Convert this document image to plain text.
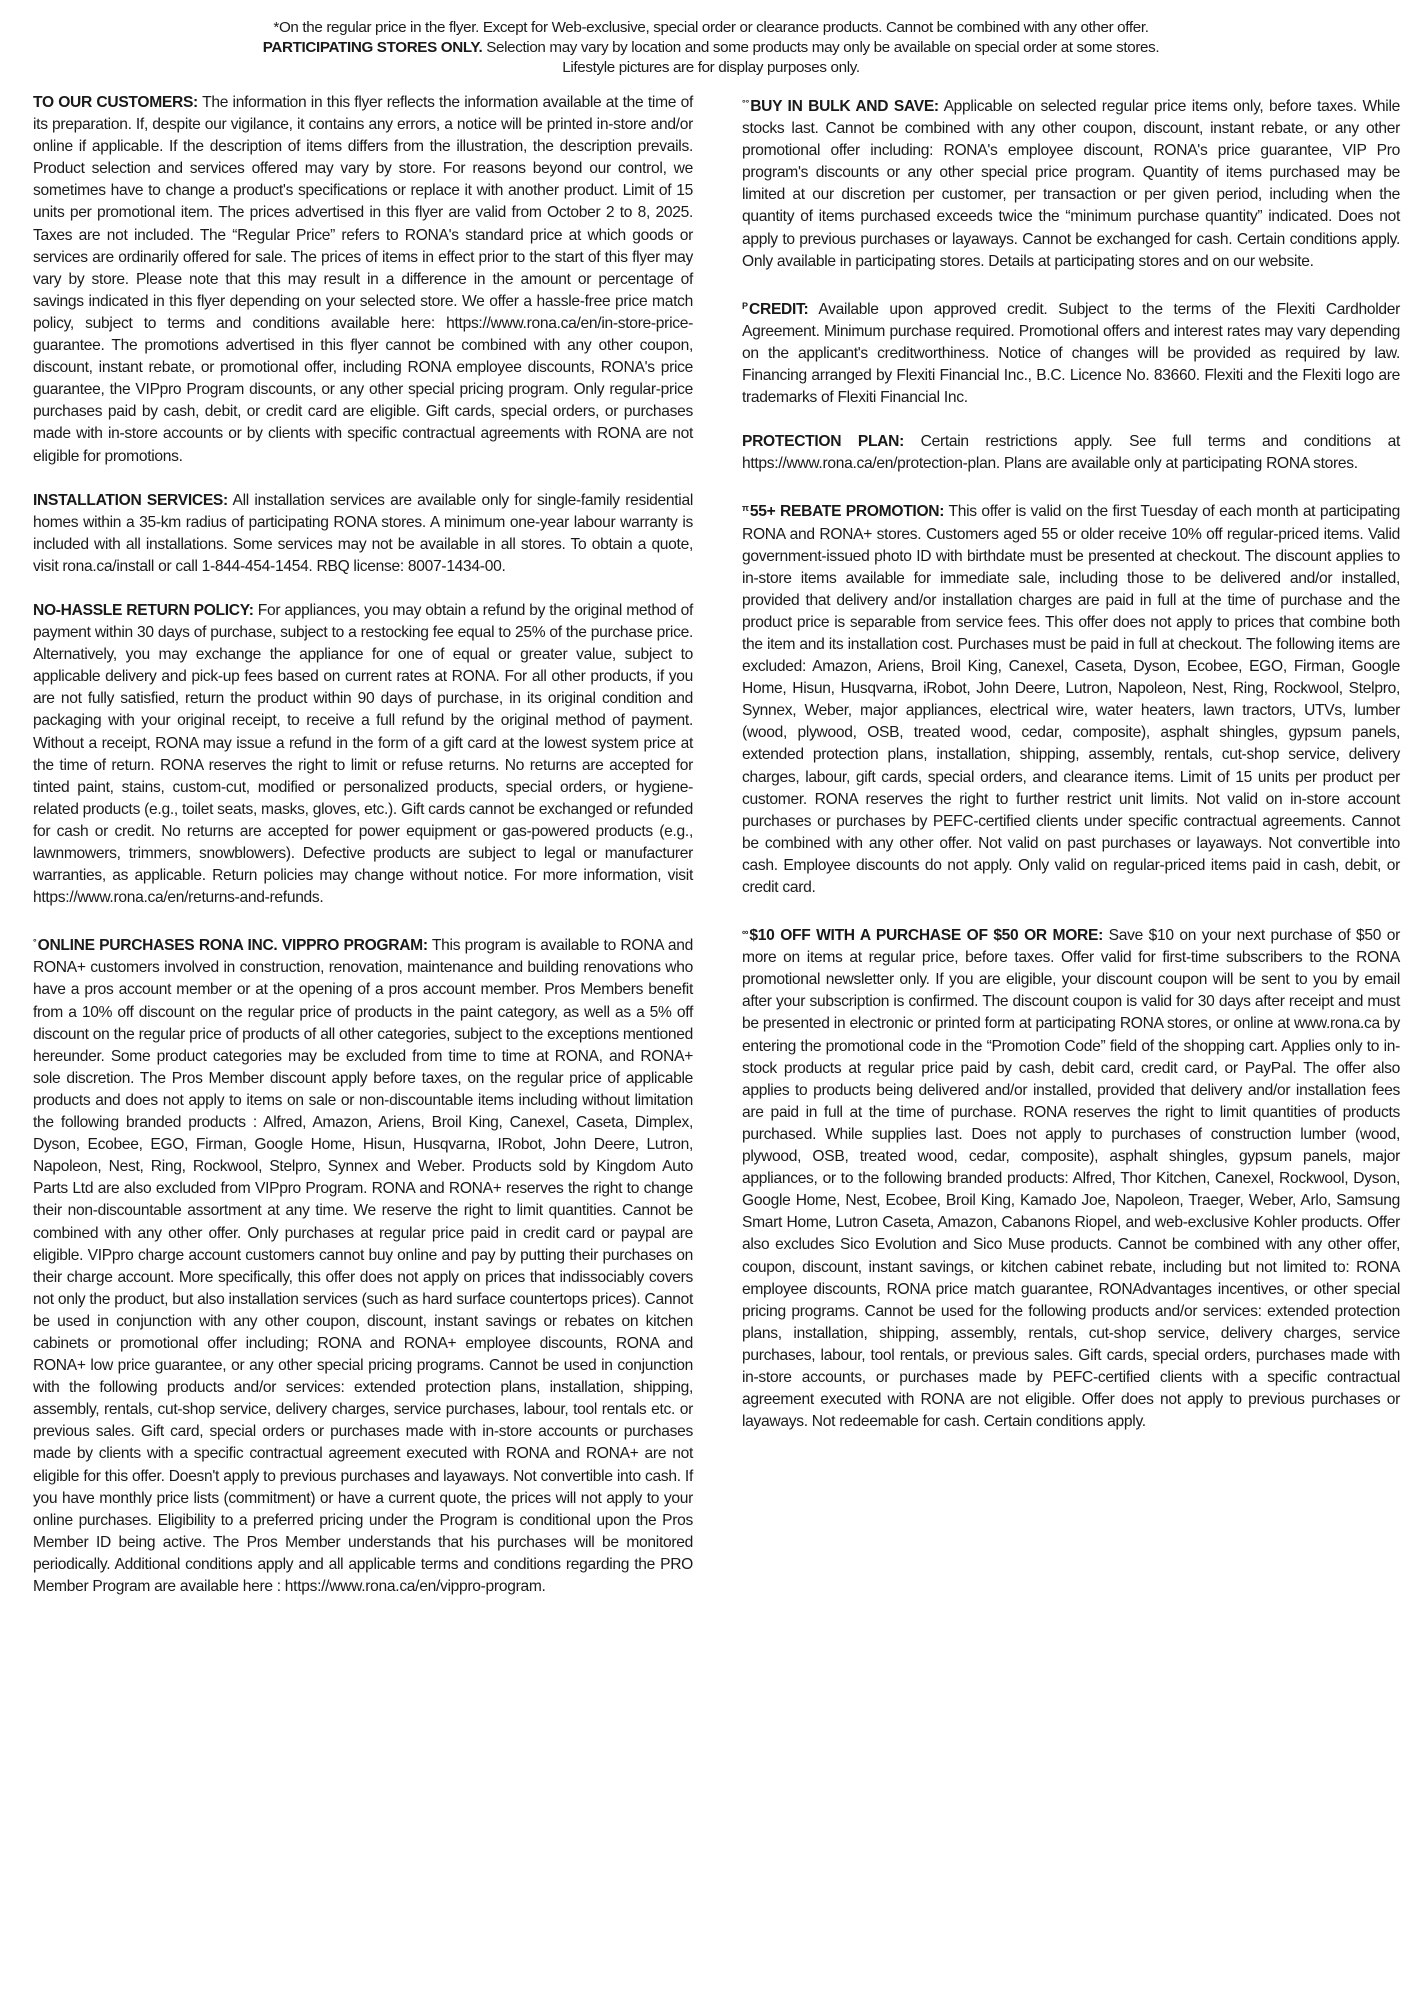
*On the regular price in the flyer. Except for Web-exclusive, special order or clearance products. Cannot be combined with any other offer.
PARTICIPATING STORES ONLY. Selection may vary by location and some products may only be available on special order at some stores.
Lifestyle pictures are for display purposes only.

TO OUR CUSTOMERS: The information in this flyer reflects the information available at the time of its preparation. If, despite our vigilance, it contains any errors, a notice will be printed in-store and/or online if applicable. If the description of items differs from the illustration, the description prevails. Product selection and services offered may vary by store. For reasons beyond our control, we sometimes have to change a product's specifications or replace it with another product. Limit of 15 units per promotional item. The prices advertised in this flyer are valid from October 2 to 8, 2025. Taxes are not included. The “Regular Price” refers to RONA's standard price at which goods or services are ordinarily offered for sale. The prices of items in effect prior to the start of this flyer may vary by store. Please note that this may result in a difference in the amount or percentage of savings indicated in this flyer depending on your selected store. We offer a hassle-free price match policy, subject to terms and conditions available here: https://www.rona.ca/en/in-store-price-guarantee. The promotions advertised in this flyer cannot be combined with any other coupon, discount, instant rebate, or promotional offer, including RONA employee discounts, RONA's price guarantee, the VIPpro Program discounts, or any other special pricing program. Only regular-price purchases paid by cash, debit, or credit card are eligible. Gift cards, special orders, or purchases made with in-store accounts or by clients with specific contractual agreements with RONA are not eligible for promotions.

INSTALLATION SERVICES: All installation services are available only for single-family residential homes within a 35-km radius of participating RONA stores. A minimum one-year labour warranty is included with all installations. Some services may not be available in all stores. To obtain a quote, visit rona.ca/install or call 1-844-454-1454. RBQ license: 8007-1434-00.

NO-HASSLE RETURN POLICY: For appliances, you may obtain a refund by the original method of payment within 30 days of purchase, subject to a restocking fee equal to 25% of the purchase price. Alternatively, you may exchange the appliance for one of equal or greater value, subject to applicable delivery and pick-up fees based on current rates at RONA. For all other products, if you are not fully satisfied, return the product within 90 days of purchase, in its original condition and packaging with your original receipt, to receive a full refund by the original method of payment. Without a receipt, RONA may issue a refund in the form of a gift card at the lowest system price at the time of return. RONA reserves the right to limit or refuse returns. No returns are accepted for tinted paint, stains, custom-cut, modified or personalized products, special orders, or hygiene-related products (e.g., toilet seats, masks, gloves, etc.). Gift cards cannot be exchanged or refunded for cash or credit. No returns are accepted for power equipment or gas-powered products (e.g., lawnmowers, trimmers, snowblowers). Defective products are subject to legal or manufacturer warranties, as applicable. Return policies may change without notice. For more information, visit https://www.rona.ca/en/returns-and-refunds.

°ONLINE PURCHASES RONA INC. VIPPRO PROGRAM: This program is available to RONA and RONA+ customers involved in construction, renovation, maintenance and building renovations who have a pros account member or at the opening of a pros account member. Pros Members benefit from a 10% off discount on the regular price of products in the paint category, as well as a 5% off discount on the regular price of products of all other categories, subject to the exceptions mentioned hereunder. Some product categories may be excluded from time to time at RONA, and RONA+ sole discretion. The Pros Member discount apply before taxes, on the regular price of applicable products and does not apply to items on sale or non-discountable items including without limitation the following branded products : Alfred, Amazon, Ariens, Broil King, Canexel, Caseta, Dimplex, Dyson, Ecobee, EGO, Firman, Google Home, Hisun, Husqvarna, IRobot, John Deere, Lutron, Napoleon, Nest, Ring, Rockwool, Stelpro, Synnex and Weber. Products sold by Kingdom Auto Parts Ltd are also excluded from VIPpro Program. RONA and RONA+ reserves the right to change their non-discountable assortment at any time. We reserve the right to limit quantities. Cannot be combined with any other offer. Only purchases at regular price paid in credit card or paypal are eligible. VIPpro charge account customers cannot buy online and pay by putting their purchases on their charge account. More specifically, this offer does not apply on prices that indissociably covers not only the product, but also installation services (such as hard surface countertops prices). Cannot be used in conjunction with any other coupon, discount, instant savings or rebates on kitchen cabinets or promotional offer including; RONA and RONA+ employee discounts, RONA and RONA+ low price guarantee, or any other special pricing programs. Cannot be used in conjunction with the following products and/or services: extended protection plans, installation, shipping, assembly, rentals, cut-shop service, delivery charges, service purchases, labour, tool rentals etc. or previous sales. Gift card, special orders or purchases made with in-store accounts or purchases made by clients with a specific contractual agreement executed with RONA and RONA+ are not eligible for this offer. Doesn't apply to previous purchases and layaways. Not convertible into cash. If you have monthly price lists (commitment) or have a current quote, the prices will not apply to your online purchases. Eligibility to a preferred pricing under the Program is conditional upon the Pros Member ID being active. The Pros Member understands that his purchases will be monitored periodically. Additional conditions apply and all applicable terms and conditions regarding the PRO Member Program are available here : https://www.rona.ca/en/vippro-program.

°°BUY IN BULK AND SAVE: Applicable on selected regular price items only, before taxes. While stocks last. Cannot be combined with any other coupon, discount, instant rebate, or any other promotional offer including: RONA's employee discount, RONA's price guarantee, VIP Pro program's discounts or any other special price program. Quantity of items purchased may be limited at our discretion per customer, per transaction or per given period, including when the quantity of items purchased exceeds twice the “minimum purchase quantity” indicated. Does not apply to previous purchases or layaways. Cannot be exchanged for cash. Certain conditions apply. Only available in participating stores. Details at participating stores and on our website.

$^P$CREDIT: Available upon approved credit. Subject to the terms of the Flexiti Cardholder Agreement. Minimum purchase required. Promotional offers and interest rates may vary depending on the applicant's creditworthiness. Notice of changes will be provided as required by law. Financing arranged by Flexiti Financial Inc., B.C. Licence No. 83660. Flexiti and the Flexiti logo are trademarks of Flexiti Financial Inc.

PROTECTION PLAN: Certain restrictions apply. See full terms and conditions at https://www.rona.ca/en/protection-plan. Plans are available only at participating RONA stores.

$^\pi$55+ REBATE PROMOTION: This offer is valid on the first Tuesday of each month at participating RONA and RONA+ stores. Customers aged 55 or older receive 10% off regular-priced items. Valid government-issued photo ID with birthdate must be presented at checkout. The discount applies to in-store items available for immediate sale, including those to be delivered and/or installed, provided that delivery and/or installation charges are paid in full at the time of purchase and the product price is separable from service fees. This offer does not apply to prices that combine both the item and its installation cost. Purchases must be paid in full at checkout. The following items are excluded: Amazon, Ariens, Broil King, Canexel, Caseta, Dyson, Ecobee, EGO, Firman, Google Home, Hisun, Husqvarna, iRobot, John Deere, Lutron, Napoleon, Nest, Ring, Rockwool, Stelpro, Synnex, Weber, major appliances, electrical wire, water heaters, lawn tractors, UTVs, lumber (wood, plywood, OSB, treated wood, cedar, composite), asphalt shingles, gypsum panels, extended protection plans, installation, shipping, assembly, rentals, cut-shop service, delivery charges, labour, gift cards, special orders, and clearance items. Limit of 15 units per product per customer. RONA reserves the right to further restrict unit limits. Not valid on in-store account purchases or purchases by PEFC-certified clients under specific contractual agreements. Cannot be combined with any other offer. Not valid on past purchases or layaways. Not convertible into cash. Employee discounts do not apply. Only valid on regular-priced items paid in cash, debit, or credit card.

∞$10 OFF WITH A PURCHASE OF $50 OR MORE: Save $10 on your next purchase of $50 or more on items at regular price, before taxes. Offer valid for first-time subscribers to the RONA promotional newsletter only. If you are eligible, your discount coupon will be sent to you by email after your subscription is confirmed. The discount coupon is valid for 30 days after receipt and must be presented in electronic or printed form at participating RONA stores, or online at www.rona.ca by entering the promotional code in the “Promotion Code” field of the shopping cart. Applies only to in-stock products at regular price paid by cash, debit card, credit card, or PayPal. The offer also applies to products being delivered and/or installed, provided that delivery and/or installation fees are paid in full at the time of purchase. RONA reserves the right to limit quantities of products purchased. While supplies last. Does not apply to purchases of construction lumber (wood, plywood, OSB, treated wood, cedar, composite), asphalt shingles, gypsum panels, major appliances, or to the following branded products: Alfred, Thor Kitchen, Canexel, Rockwool, Dyson, Google Home, Nest, Ecobee, Broil King, Kamado Joe, Napoleon, Traeger, Weber, Arlo, Samsung Smart Home, Lutron Caseta, Amazon, Cabanons Riopel, and web-exclusive Kohler products. Offer also excludes Sico Evolution and Sico Muse products. Cannot be combined with any other offer, coupon, discount, instant savings, or kitchen cabinet rebate, including but not limited to: RONA employee discounts, RONA price match guarantee, RONAdvantages incentives, or other special pricing programs. Cannot be used for the following products and/or services: extended protection plans, installation, shipping, assembly, rentals, cut-shop service, delivery charges, service purchases, labour, tool rentals, or previous sales. Gift cards, special orders, purchases made with in-store accounts, or purchases made by PEFC-certified clients with a specific contractual agreement executed with RONA are not eligible. Offer does not apply to previous purchases or layaways. Not redeemable for cash. Certain conditions apply.
